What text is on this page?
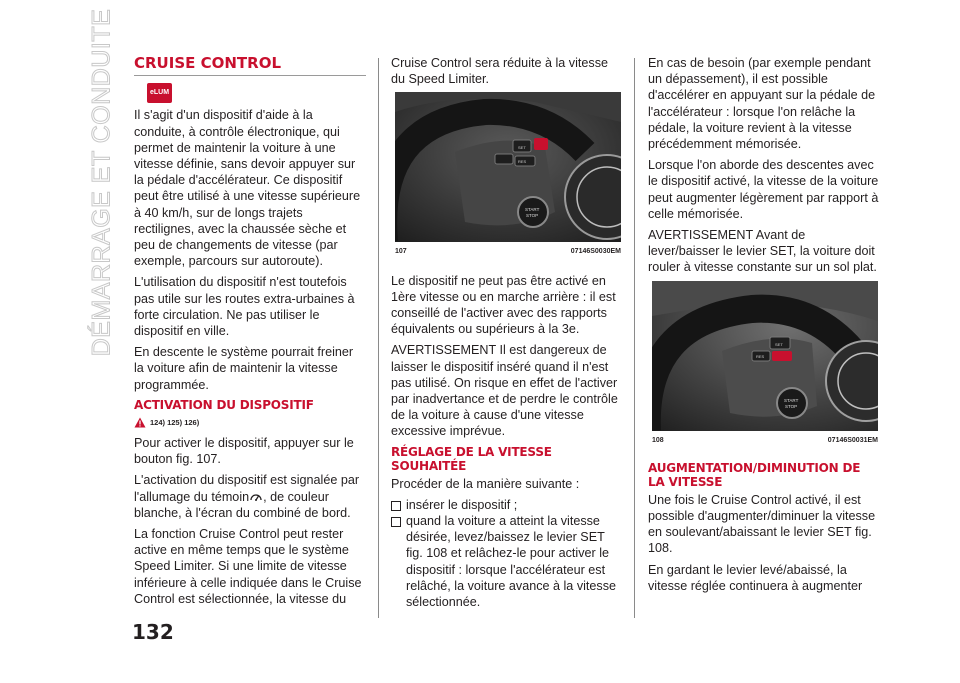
DÉMARRAGE ET CONDUITE CRUISE CONTROL
eLUM

Il s'agit d'un dispositif d'aide à la conduite, à contrôle électronique, qui permet de maintenir la voiture à une vitesse définie, sans devoir appuyer sur la pédale d'accélérateur. Ce dispositif peut être utilisé à une vitesse supérieure à 40 km/h, sur de longs trajets rectilignes, avec la chaussée sèche et peu de changements de vitesse (par exemple, parcours sur autoroute).

L'utilisation du dispositif n'est toutefois pas utile sur les routes extra-urbaines à forte circulation. Ne pas utiliser le dispositif en ville.

En descente le système pourrait freiner la voiture afin de maintenir la vitesse programmée.

ACTIVATION DU DISPOSITIF
124) 125) 126)

Pour activer le dispositif, appuyer sur le bouton fig. 107.

L'activation du dispositif est signalée par l'allumage du témoin , de couleur blanche, à l'écran du combiné de bord.

La fonction Cruise Control peut rester active en même temps que le système Speed Limiter. Si une limite de vitesse inférieure à celle indiquée dans le Cruise Control est sélectionnée, la vitesse du

Cruise Control sera réduite à la vitesse du Speed Limiter.

SET
RES
START
STOP
107	07146S0030EM

Le dispositif ne peut pas être activé en 1ère vitesse ou en marche arrière : il est conseillé de l'activer avec des rapports équivalents ou supérieurs à la 3e.

AVERTISSEMENT Il est dangereux de laisser le dispositif inséré quand il n'est pas utilisé. On risque en effet de l'activer par inadvertance et de perdre le contrôle de la voiture à cause d'une vitesse excessive imprévue.

RÉGLAGE DE LA VITESSE SOUHAITÉE

Procéder de la manière suivante :

insérer le dispositif ;
quand la voiture a atteint la vitesse désirée, levez/baissez le levier SET fig. 108 et relâchez-le pour activer le dispositif : lorsque l'accélérateur est relâché, la voiture avance à la vitesse sélectionnée.

En cas de besoin (par exemple pendant un dépassement), il est possible d'accélérer en appuyant sur la pédale de l'accélérateur : lorsque l'on relâche la pédale, la voiture revient à la vitesse précédemment mémorisée.

Lorsque l'on aborde des descentes avec le dispositif activé, la vitesse de la voiture peut augmenter légèrement par rapport à celle mémorisée.

AVERTISSEMENT Avant de lever/baisser le levier SET, la voiture doit rouler à vitesse constante sur un sol plat.

SET
RES
START
STOP
108	07146S0031EM
AUGMENTATION/DIMINUTION DE LA VITESSE

Une fois le Cruise Control activé, il est possible d'augmenter/diminuer la vitesse en soulevant/abaissant le levier SET fig. 108.

En gardant le levier levé/abaissé, la vitesse réglée continuera à augmenter

132
